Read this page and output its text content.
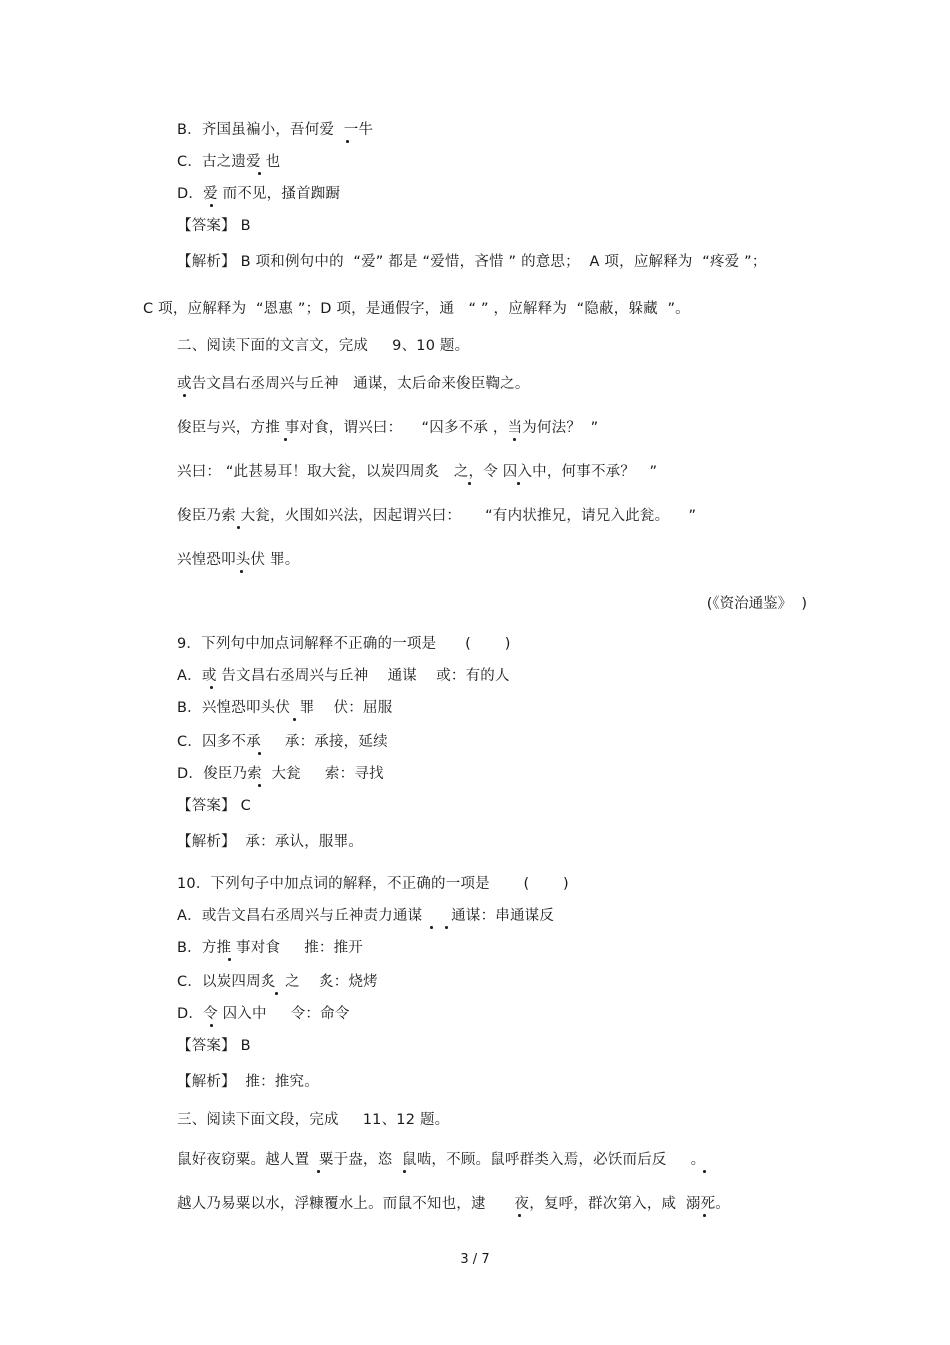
B．齐国虽褊小，吾何爱  一牛
C．古之遗爱 也
D．爱 而不见，搔首踟蹰
【答案】 B
【解析】 B 项和例句中的  “爱” 都是 “爱惜，吝惜 ” 的意思；  A 项，应解释为  “疼爱 ”；
C 项，应解释为  “恩惠 ”；D 项，是通假字，通   “ ” ，应解释为  “隐蔽，躲藏  ”。
二、阅读下面的文言文，完成     9、10 题。
或告文昌右丞周兴与丘神   通谋，太后命来俊臣鞫之。
俊臣与兴，方推 事对食，谓兴曰：    “囚多不承 ，当为何法？  ”
兴曰： “此甚易耳！取大瓮，以炭四周炙   之，令 囚入中，何事不承？   ”
俊臣乃索 大瓮，火围如兴法，因起谓兴曰：     “有内状推兄，请兄入此瓮。    ”
兴惶恐叩头伏 罪。
(《资治通鉴》  )
9．下列句中加点词解释不正确的一项是      (       )
A．或 告文昌右丞周兴与丘神    通谋    或：有的人
B．兴惶恐叩头伏  罪    伏：屈服
C．囚多不承     承：承接，延续
D．俊臣乃索  大瓮     索：寻找
【答案】 C
【解析】  承：承认，服罪。
10．下列句子中加点词的解释，不正确的一项是       (       )
A．或告文昌右丞周兴与丘神责力通谋      通谋：串通谋反
B．方推 事对食     推：推开
C．以炭四周炙  之    炙：烧烤
D．令 囚入中     令：命令
【答案】 B
【解析】  推：推究。
三、阅读下面文段，完成     11、12 题。
鼠好夜窃粟。越人置  粟于盎，恣  鼠啮，不顾。鼠呼群类入焉，必饫而后反     。
越人乃易粟以水，浮糠覆水上。而鼠不知也，逮      夜，复呼，群次第入，咸  溺死。
3 / 7
